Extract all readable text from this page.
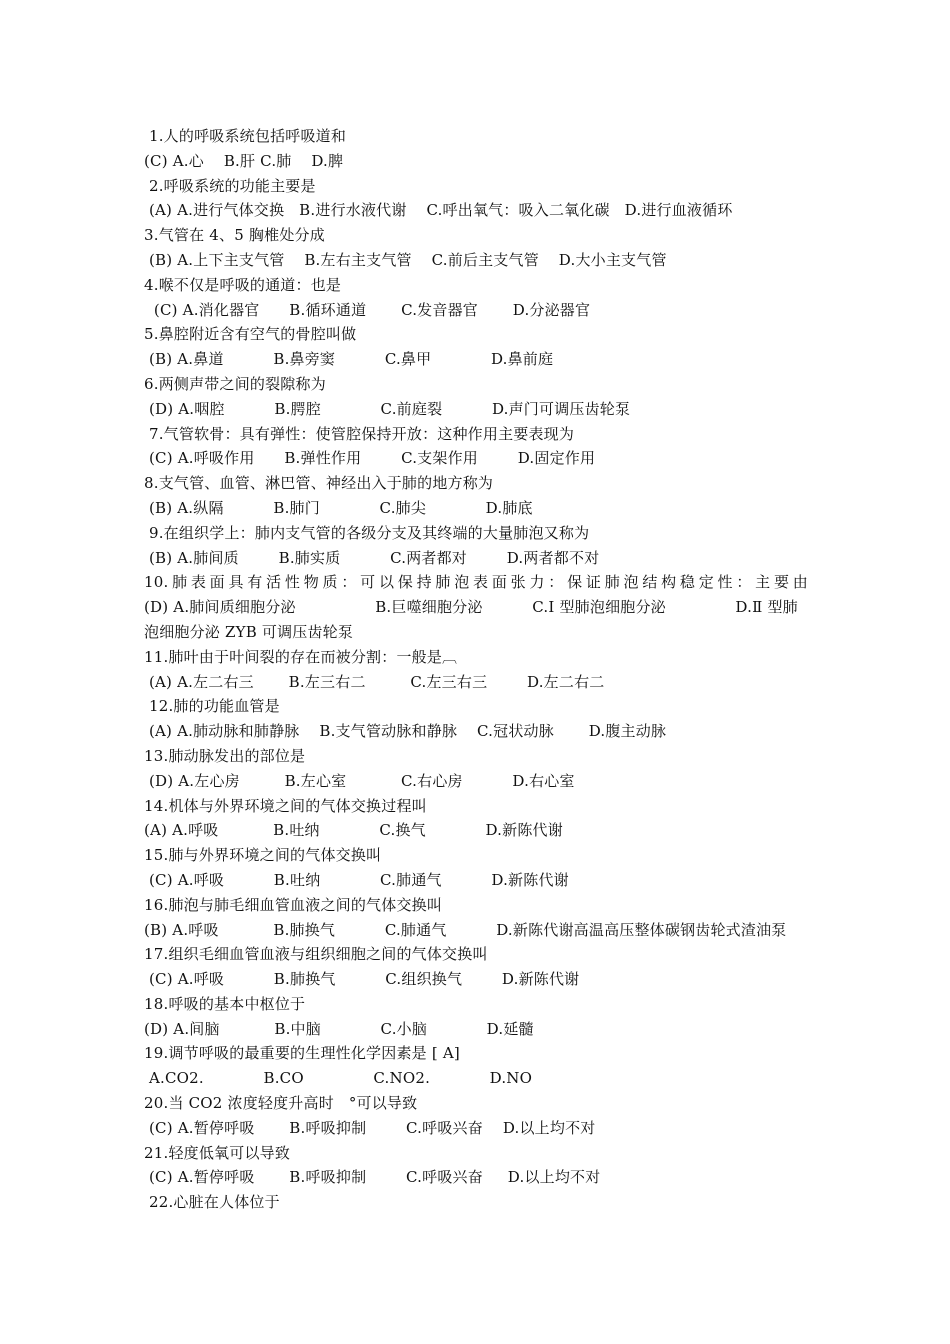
1.人的呼吸系统包括呼吸道和
(C) A.心    B.肝 C.肺    D.脾
2.呼吸系统的功能主要是
(A) A.进行气体交换   B.进行水液代谢    C.呼出氧气：吸入二氧化碳   D.进行血液循环
3.气管在 4、5 胸椎处分成
(B) A.上下主支气管    B.左右主支气管    C.前后主支气管    D.大小主支气管
4.喉不仅是呼吸的通道：也是
(C) A.消化器官      B.循环通道       C.发音器官       D.分泌器官
5.鼻腔附近含有空气的骨腔叫做
(B) A.鼻道          B.鼻旁窦          C.鼻甲            D.鼻前庭
6.两侧声带之间的裂隙称为
(D) A.咽腔          B.腭腔            C.前庭裂          D.声门可调压齿轮泵
7.气管软骨：具有弹性：使管腔保持开放：这种作用主要表现为
(C) A.呼吸作用      B.弹性作用        C.支架作用        D.固定作用
8.支气管、血管、淋巴管、神经出入于肺的地方称为
(B) A.纵隔          B.肺门            C.肺尖            D.肺底
9.在组织学上：肺内支气管的各级分支及其终端的大量肺泡又称为
(B) A.肺间质        B.肺实质          C.两者都对        D.两者都不对
10.肺表面具有活性物质：可以保持肺泡表面张力：保证肺泡结构稳定性：主要由
(D) A.肺间质细胞分泌                B.巨噬细胞分泌          C.Ⅰ 型肺泡细胞分泌              D.Ⅱ 型肺
泡细胞分泌 ZYB 可调压齿轮泵
11.肺叶由于叶间裂的存在而被分割：一般是︹
(A) A.左二右三       B.左三右二         C.左三右三        D.左二右二
12.肺的功能血管是
(A) A.肺动脉和肺静脉    B.支气管动脉和静脉    C.冠状动脉       D.腹主动脉
13.肺动脉发出的部位是
(D) A.左心房         B.左心室           C.右心房          D.右心室
14.机体与外界环境之间的气体交换过程叫
(A) A.呼吸           B.吐纳            C.换气            D.新陈代谢
15.肺与外界环境之间的气体交换叫
(C) A.呼吸          B.吐纳            C.肺通气          D.新陈代谢
16.肺泡与肺毛细血管血液之间的气体交换叫
(B) A.呼吸           B.肺换气          C.肺通气          D.新陈代谢高温高压整体碳钢齿轮式渣油泵
17.组织毛细血管血液与组织细胞之间的气体交换叫
(C) A.呼吸          B.肺换气          C.组织换气        D.新陈代谢
18.呼吸的基本中枢位于
(D) A.间脑           B.中脑            C.小脑            D.延髓
19.调节呼吸的最重要的生理性化学因素是 [ A]
A.CO2.            B.CO              C.NO2.            D.NO
20.当 CO2 浓度轻度升高时   °可以导致
(C) A.暂停呼吸       B.呼吸抑制        C.呼吸兴奋    D.以上均不对
21.轻度低氧可以导致
(C) A.暂停呼吸       B.呼吸抑制        C.呼吸兴奋     D.以上均不对
22.心脏在人体位于
